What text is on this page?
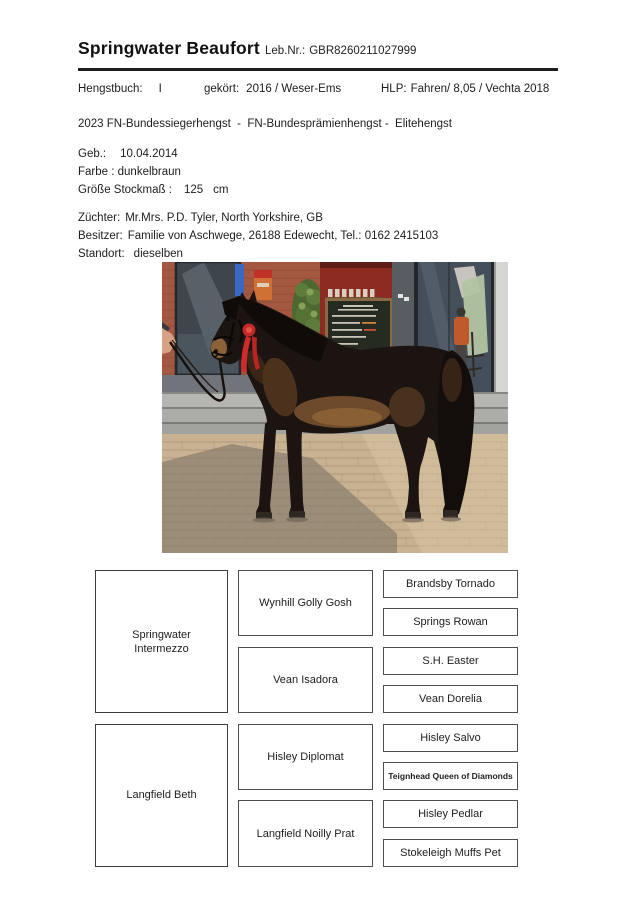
Springwater Beaufort Leb.Nr.: GBR8260211027999
Hengstbuch: I	gekört: 2016 / Weser-Ems	HLP: Fahren/ 8,05 / Vechta 2018
2023 FN-Bundessiegerhengst  -  FN-Bundesprämienhengst -  Elitehengst
Geb.: 10.04.2014
Farbe : dunkelbraun
Größe Stockmaß : 125 cm
Züchter: Mr.Mrs. P.D. Tyler, North Yorkshire, GB
Besitzer: Familie von Aschwege, 26188 Edewecht, Tel.: 0162 2415103
Standort: dieselben
Springwater Intermezzo
Langfield Beth
Wynhill Golly Gosh
Vean Isadora
Hisley Diplomat
Langfield Noilly Prat
Brandsby Tornado
Springs Rowan
S.H. Easter
Vean Dorelia
Hisley Salvo
Teignhead Queen of Diamonds
Hisley Pedlar
Stokeleigh Muffs Pet
